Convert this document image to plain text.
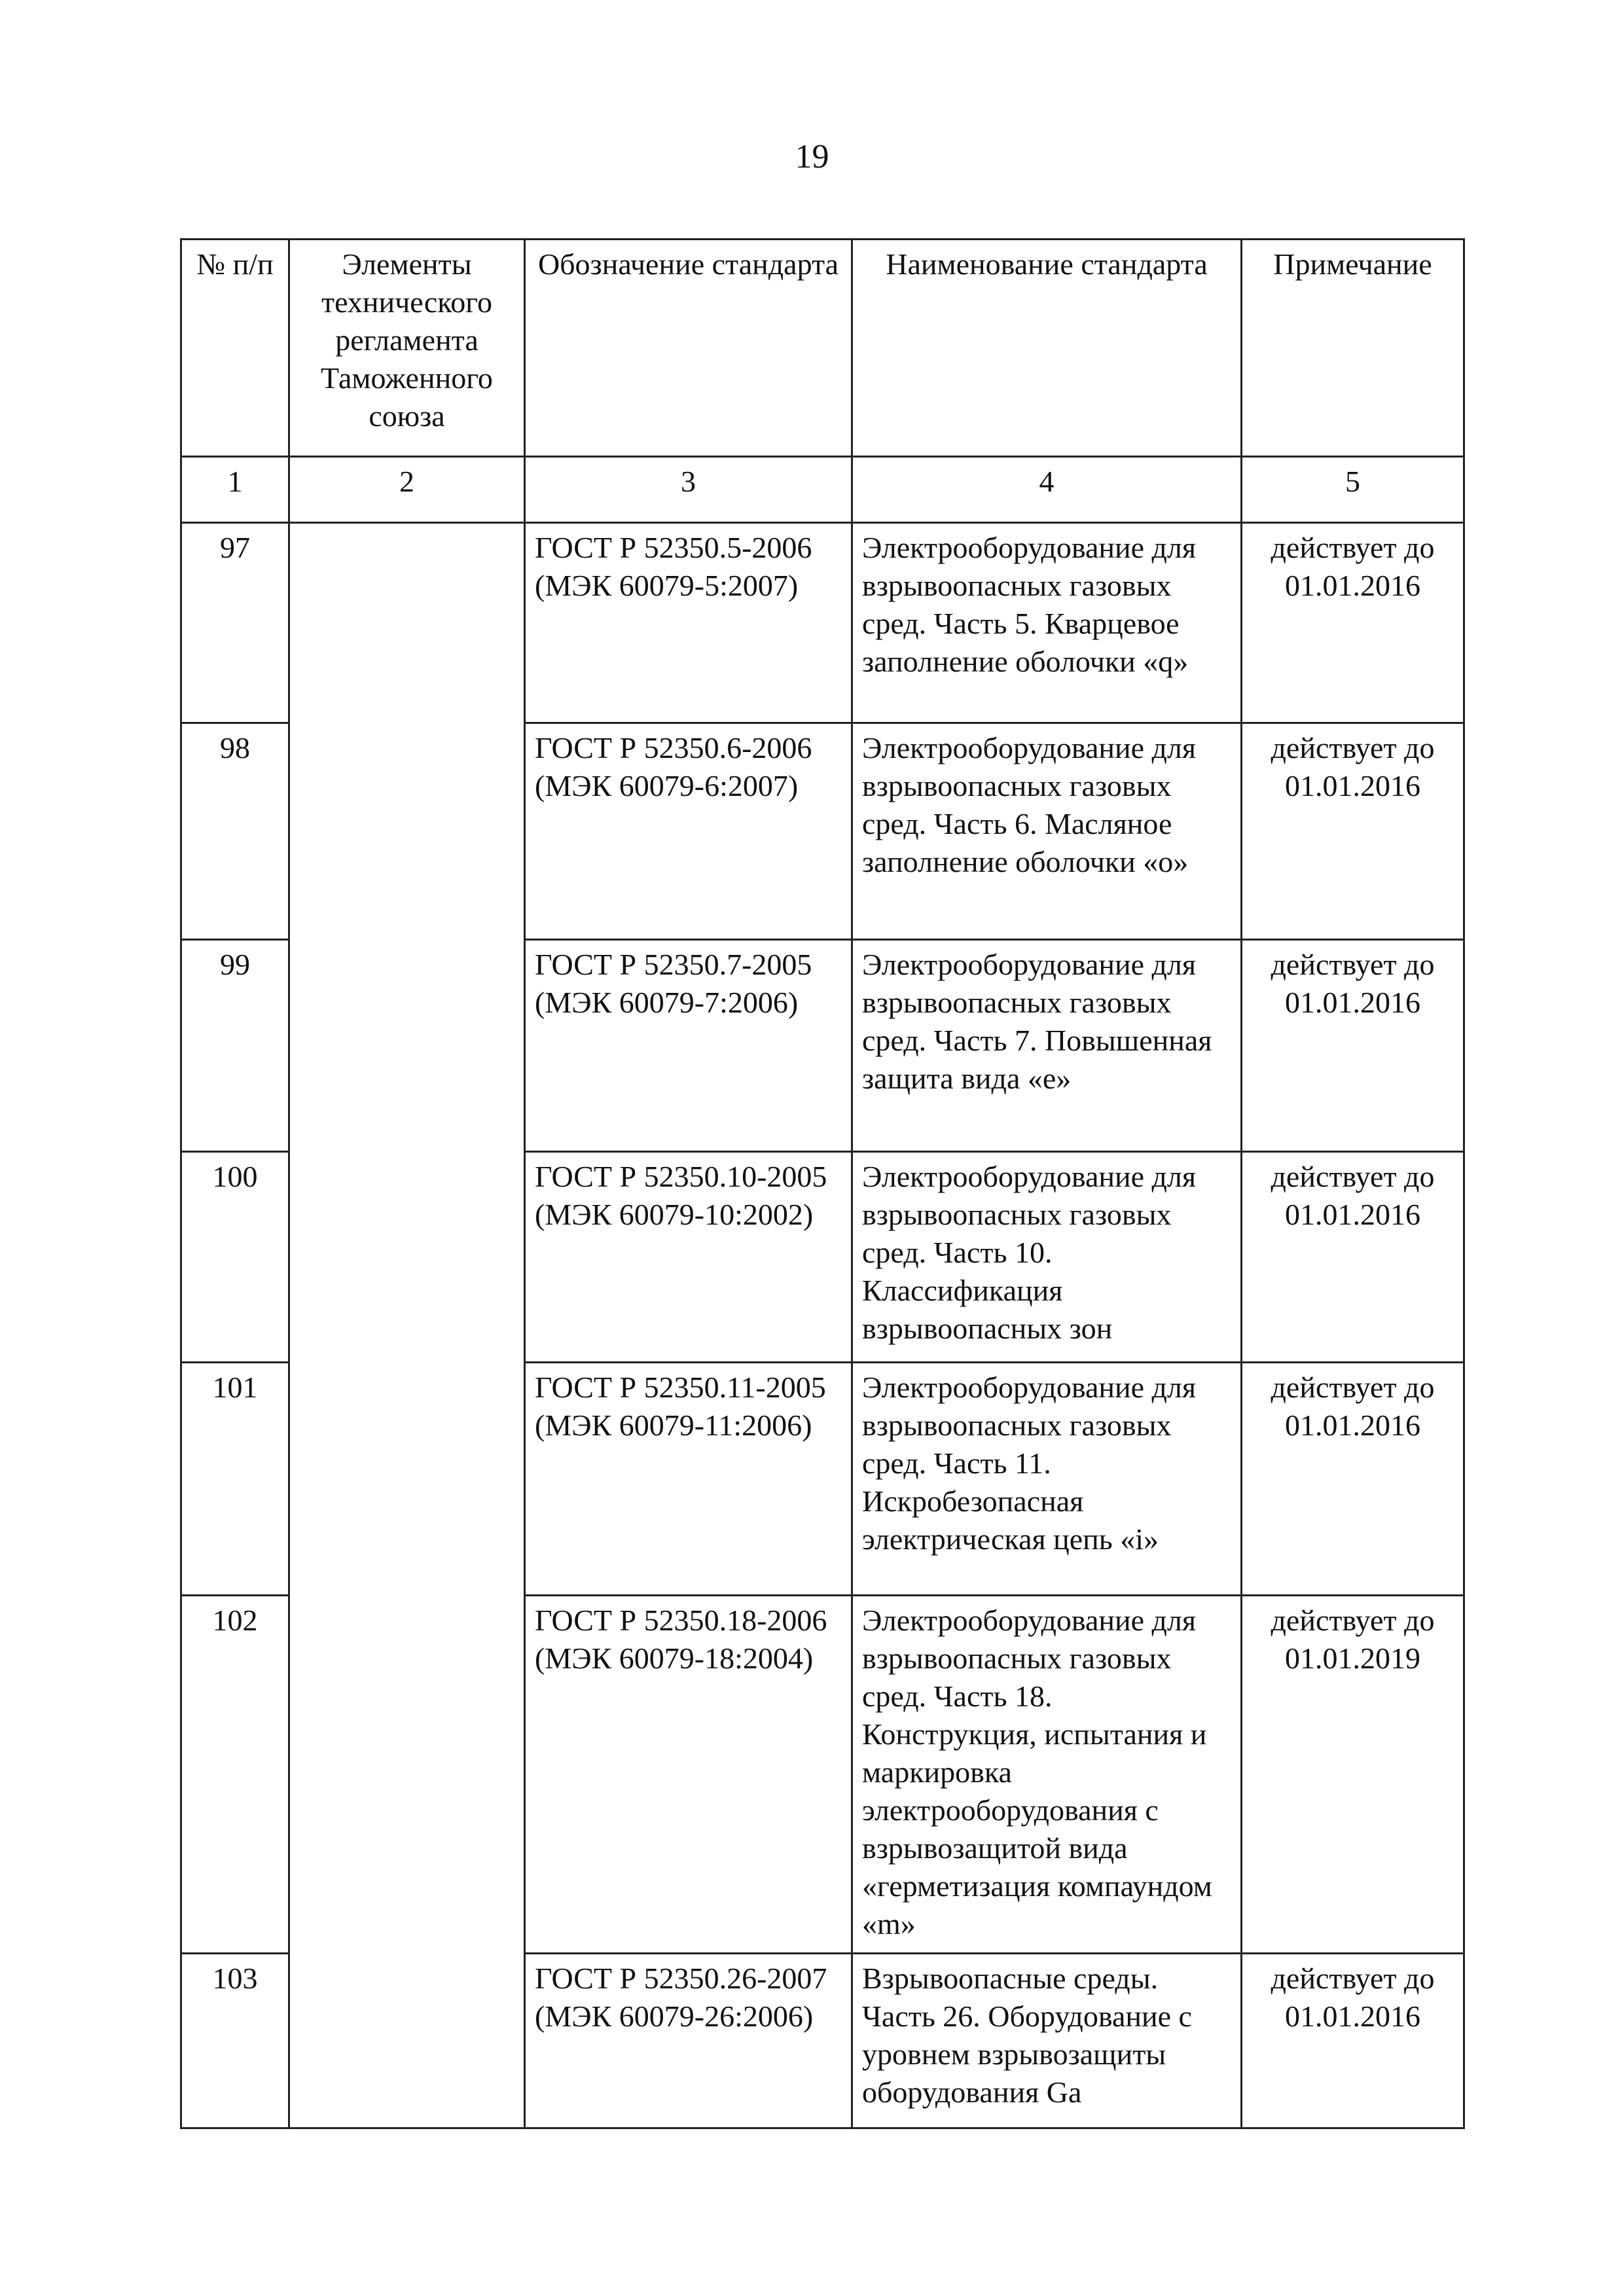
19
№ п/п	Элементы технического регламента Таможенного союза	Обозначение стандарта	Наименование стандарта	Примечание
1	2	3	4	5
97		ГОСТ Р 52350.5-2006 (МЭК 60079-5:2007)	Электрооборудование для взрывоопасных газовых сред. Часть 5. Кварцевое заполнение оболочки «q»	действует до 01.01.2016
98		ГОСТ Р 52350.6-2006 (МЭК 60079-6:2007)	Электрооборудование для взрывоопасных газовых сред. Часть 6. Масляное заполнение оболочки «о»	действует до 01.01.2016
99		ГОСТ Р 52350.7-2005 (МЭК 60079-7:2006)	Электрооборудование для взрывоопасных газовых сред. Часть 7. Повышенная защита вида «е»	действует до 01.01.2016
100		ГОСТ Р 52350.10-2005 (МЭК 60079-10:2002)	Электрооборудование для взрывоопасных газовых сред. Часть 10. Классификация взрывоопасных зон	действует до 01.01.2016
101		ГОСТ Р 52350.11-2005 (МЭК 60079-11:2006)	Электрооборудование для взрывоопасных газовых сред. Часть 11. Искробезопасная электрическая цепь «i»	действует до 01.01.2016
102		ГОСТ Р 52350.18-2006 (МЭК 60079-18:2004)	Электрооборудование для взрывоопасных газовых сред. Часть 18. Конструкция, испытания и маркировка электрооборудования с взрывозащитой вида «герметизация компаундом «m»	действует до 01.01.2019
103		ГОСТ Р 52350.26-2007 (МЭК 60079-26:2006)	Взрывоопасные среды. Часть 26. Оборудование с уровнем взрывозащиты оборудования Ga	действует до 01.01.2016
